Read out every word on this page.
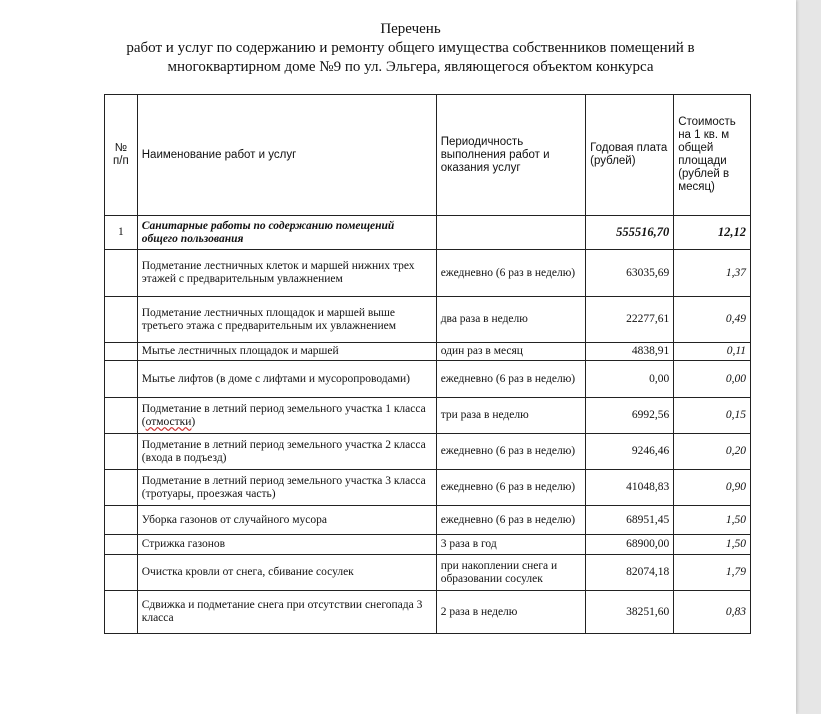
Перечень
работ и услуг по содержанию и ремонту общего имущества собственников помещений в
многоквартирном доме №9 по ул. Эльгера, являющегося объектом конкурса
№ п/п	Наименование работ и услуг	Периодичность выполнения работ и оказания услуг	Годовая плата (рублей)	Стоимость на 1 кв. м общей площади (рублей в месяц)
1	Санитарные работы по содержанию помещений общего пользования		555516,70	12,12
	Подметание лестничных клеток и маршей нижних трех этажей с предварительным увлажнением	ежедневно (6 раз в неделю)	63035,69	1,37
	Подметание лестничных площадок и маршей выше третьего этажа с предварительным их увлажнением	два раза в неделю	22277,61	0,49
	Мытье лестничных площадок и маршей	один раз в месяц	4838,91	0,11
	Мытье лифтов (в доме с лифтами и мусоропроводами)	ежедневно (6 раз в неделю)	0,00	0,00
	Подметание в летний период земельного участка 1 класса (отмостки)	три раза в неделю	6992,56	0,15
	Подметание в летний период земельного участка 2 класса (входа в подъезд)	ежедневно (6 раз в неделю)	9246,46	0,20
	Подметание в летний период земельного участка 3 класса (тротуары, проезжая часть)	ежедневно (6 раз в неделю)	41048,83	0,90
	Уборка газонов от случайного мусора	ежедневно (6 раз в неделю)	68951,45	1,50
	Стрижка газонов	3 раза в год	68900,00	1,50
	Очистка кровли от снега, сбивание сосулек	при накоплении снега и образовании сосулек	82074,18	1,79
	Сдвижка и подметание снега при отсутствии снегопада 3 класса	2 раза в неделю	38251,60	0,83
